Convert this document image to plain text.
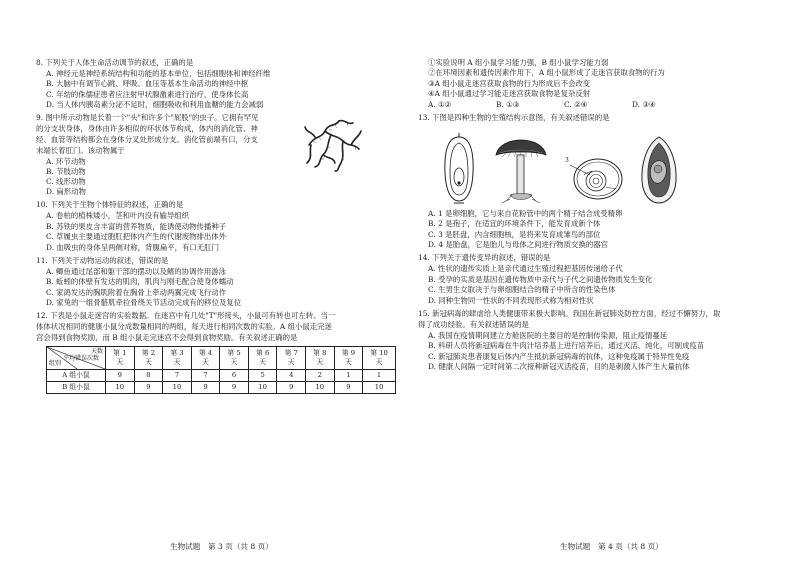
8. 下列关于人体生命活动调节的叙述，正确的是
A. 神经元是神经系统结构和功能的基本单位，包括细胞体和神经纤维
B. 大脑中有调节心跳、呼吸、血压等基本生命活动的神经中枢
C. 年幼的侏儒症患者应注射甲状腺激素进行治疗，使身体长高
D. 当人体内胰岛素分泌不足时，细胞吸收和利用血糖的能力会减弱
9. 图中所示动物是长着一个"头"和许多个"屁股"的虫子。它拥有罕见
的分支状身体，身体由许多相似的环状体节构成，体内的消化管、神
经、血管等结构都会在身体分叉处形成分支。消化管前端有口，分支
末端长着肛门。该动物属于
A. 环节动物
B. 节肢动物
C. 线形动物
D. 扁形动物
10. 下列关于生物个体特征的叙述，正确的是
A. 卷柏的植株矮小，茎和叶内没有输导组织
B. 苏铁的果皮含丰富的营养物质，能诱使动物传播种子
C. 草履虫主要通过胞肛把体内产生的代谢废物排出体外
D. 血吸虫的身体呈两侧对称，背腹扁平，有口无肛门
11. 下列关于动物运动的叙述，错误的是
A. 鲫鱼通过尾部和躯干部的摆动以及鳍的协调作用游泳
B. 蚯蚓的体壁有发达的肌肉，肌肉与刚毛配合使身体蠕动
C. 家鸽发达的胸肌附着在胸骨上牵动两翼完成飞行动作
D. 家兔的一组骨骼肌牵拉骨绕关节活动完成有的移位及复位
12. 下表是小鼠走迷宫的实验数据。在迷宫中有几处"T"形接头，小鼠可有转也可左转。当一
体体状况相同的健康小鼠分成数量相同的两组，每天进行相同次数的实验。A 组小鼠走完迷
宫会得到食物奖励，而 B 组小鼠走完迷宫不会得到食物奖励。有关叙述正确的是
天数
平均错误次数
组别	第 1 天	第 2 天	第 3 天	第 4 天	第 5 天	第 6 天	第 7 天	第 8 天	第 9 天	第 10 天
A 组小鼠	9	8	7	7	6	5	4	2	1	1
B 组小鼠	10	9	10	9	9	10	9	10	9	10
①实验说明 A 组小鼠学习能力强，B 组小鼠学习能力弱
②在环境因素和遗传因素作用下，A 组小鼠形成了走迷宫获取食物的行为
③A 组小鼠走迷宫获取食物的行为形成后不会改变
④A 组小鼠通过学习能走迷宫获取食物是复杂反射
A. ①②	B. ①③	C. ②④	D. ③④
13. 下图是四种生物的生殖结构示意图，有关叙述错误的是
3
A. 1 是卵细胞，它与来自花粉管中的两个精子结合成受精卵
B. 2 是孢子，在适宜的环境条件下，能发育成新个体
C. 3 是胚盘，内含细胞核，是将来发育成雏鸟的部位
D. 4 是胎盘，它是胎儿与母体之间进行物质交换的器官
14. 下列关于遗传变异的叙述，错误的是
A. 性状的遗传实质上是亲代通过生殖过程把基因传递给子代
B. 受孕的实质是基因在遗传物质中亲代与子代之间遗传物质发生变化
C. 生男生女取决于与卵细胞结合的精子中所含的性染色体
D. 同种生物同一性状的不同表现形式称为相对性状
15. 新冠病毒的肆虐给人类健康带来极大影响。我国在新冠肺炎防控方面，经过不懈努力，取
得了成功经验。有关叙述错误的是
A. 我国在疫情期间建立方舱医院的主要目的是控制传染源，阻止疫情蔓延
B. 科研人员将新冠病毒在牛肉汁培养基上进行培养后，通过灭活、纯化，可制成疫苗
C. 新冠肺炎患者康复后体内产生抵抗新冠病毒的抗体，这种免疫属于特异性免疫
D. 健康人间隔一定时间第二次接种新冠灭活疫苗，目的是刺激人体产生大量抗体
生物试题　第 3 页（共 8 页）	生物试题　第 4 页（共 8 页）
